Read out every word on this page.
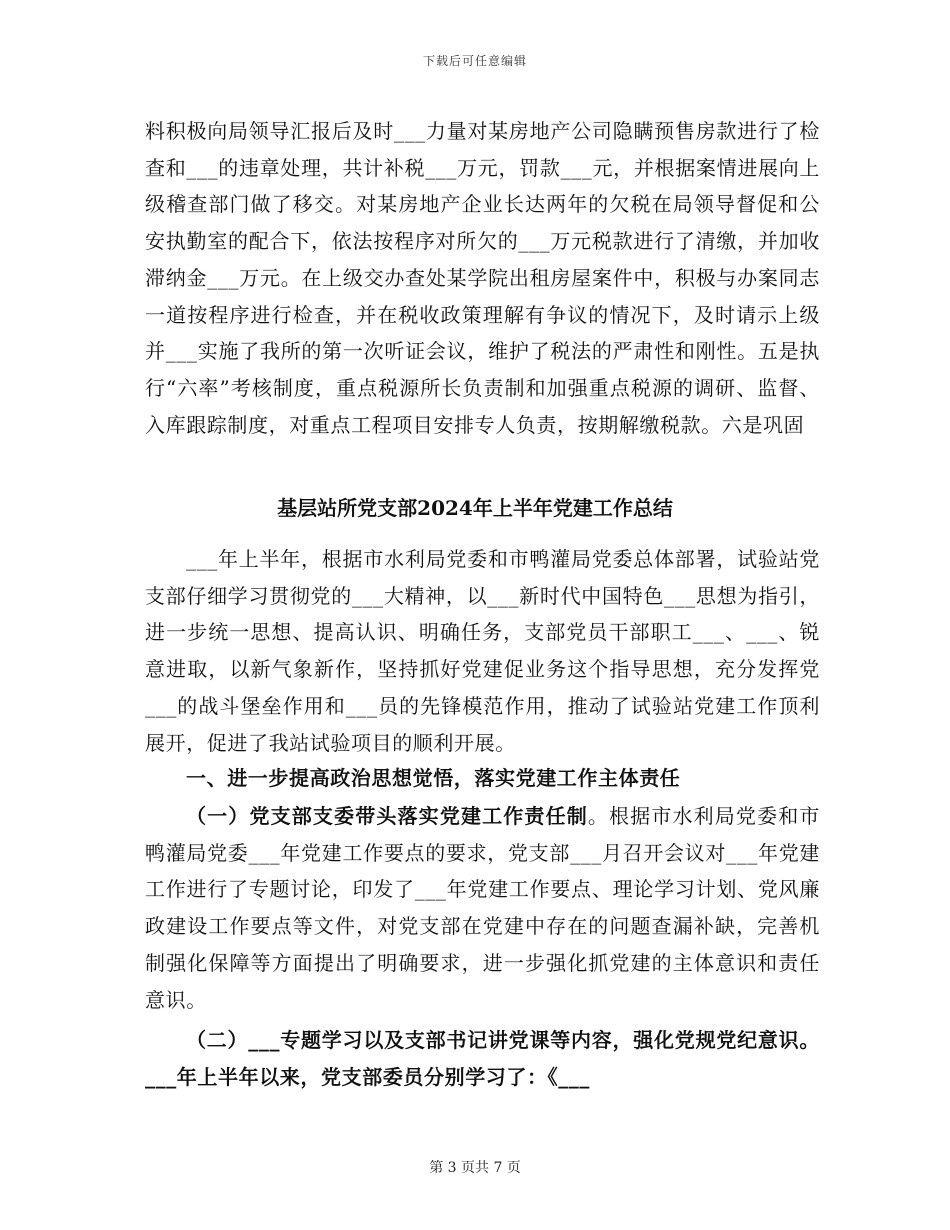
下载后可任意编辑

料积极向局领导汇报后及时___力量对某房地产公司隐瞒预售房款进行了检查和___的违章处理，共计补税___万元，罚款___元，并根据案情进展向上级稽查部门做了移交。对某房地产企业长达两年的欠税在局领导督促和公安执勤室的配合下，依法按程序对所欠的___万元税款进行了清缴，并加收滞纳金___万元。在上级交办查处某学院出租房屋案件中，积极与办案同志一道按程序进行检查，并在税收政策理解有争议的情况下，及时请示上级并___实施了我所的第一次听证会议，维护了税法的严肃性和刚性。五是执行“六率”考核制度，重点税源所长负责制和加强重点税源的调研、监督、入库跟踪制度，对重点工程项目安排专人负责，按期解缴税款。六是巩固

基层站所党支部2024年上半年党建工作总结

___年上半年，根据市水利局党委和市鸭灌局党委总体部署，试验站党支部仔细学习贯彻党的___大精神，以___新时代中国特色___思想为指引，进一步统一思想、提高认识、明确任务，支部党员干部职工___、___、锐意进取，以新气象新作，坚持抓好党建促业务这个指导思想，充分发挥党___的战斗堡垒作用和___员的先锋模范作用，推动了试验站党建工作顶利展开，促进了我站试验项目的顺利开展。

一、进一步提高政治思想觉悟，落实党建工作主体责任

（一）党支部支委带头落实党建工作责任制。根据市水利局党委和市鸭灌局党委___年党建工作要点的要求，党支部___月召开会议对___年党建工作进行了专题讨论，印发了___年党建工作要点、理论学习计划、党风廉政建设工作要点等文件，对党支部在党建中存在的问题查漏补缺，完善机制强化保障等方面提出了明确要求，进一步强化抓党建的主体意识和责任意识。

（二）___专题学习以及支部书记讲党课等内容，强化党规党纪意识。___年上半年以来，党支部委员分别学习了：《___

第 3 页共 7 页
